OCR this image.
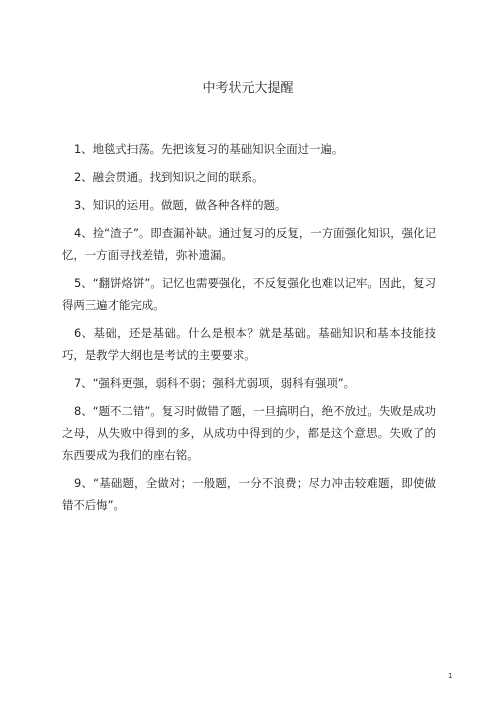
中考状元大提醒

1、地毯式扫荡。先把该复习的基础知识全面过一遍。

2、融会贯通。找到知识之间的联系。

3、知识的运用。做题，做各种各样的题。

4、捡“渣子”。即查漏补缺。通过复习的反复，一方面强化知识，强化记忆，一方面寻找差错，弥补遗漏。

5、“翻饼烙饼”。记忆也需要强化，不反复强化也难以记牢。因此，复习得两三遍才能完成。

6、基础，还是基础。什么是根本？就是基础。基础知识和基本技能技巧，是教学大纲也是考试的主要要求。

7、“强科更强，弱科不弱；强科尤弱项，弱科有强项”。

8、“题不二错”。复习时做错了题，一旦搞明白，绝不放过。失败是成功之母，从失败中得到的多，从成功中得到的少，都是这个意思。失败了的东西要成为我们的座右铭。

9、“基础题，全做对；一般题，一分不浪费；尽力冲击较难题，即使做错不后悔”。

1
